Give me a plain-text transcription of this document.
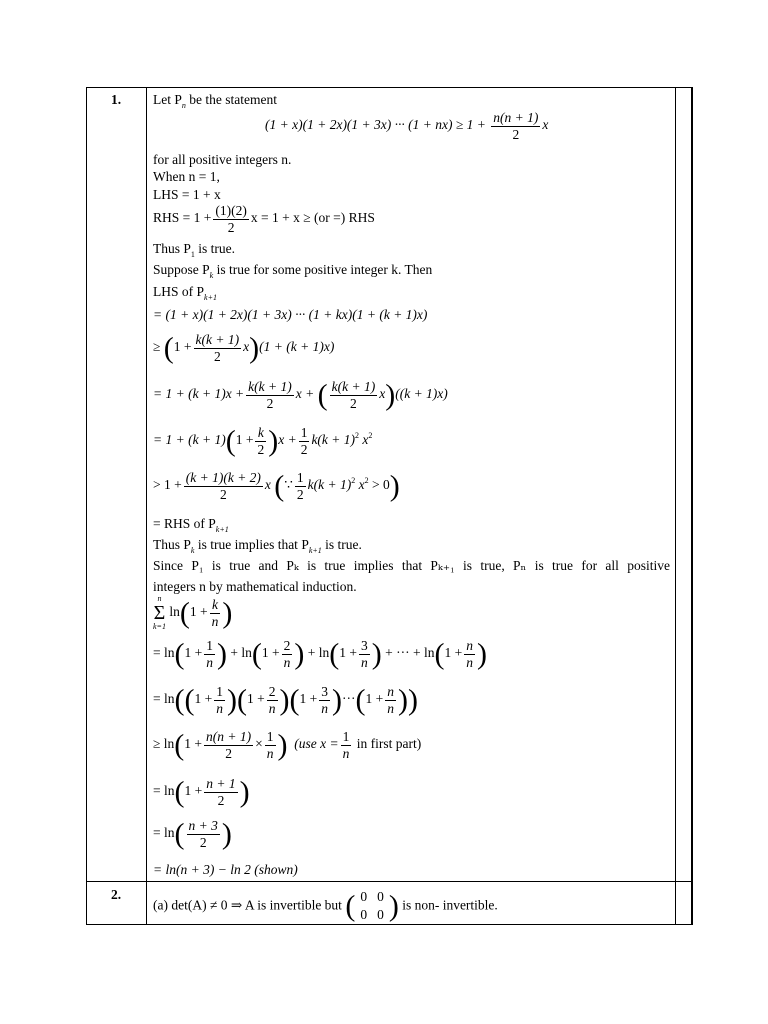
1. Let $P_n$ be the statement
(1 + x)(1 + 2x)(1 + 3x) ··· $(1 + nx) \ge 1 + \frac{n(n + 1)}{2}$ x
for all positive integers n.
When n = 1,
LHS = 1 + x
RHS = $1 + \frac{(1)(2)}{2}$ x = 1 + x ≥ (or =) RHS
Thus $P_1$ is true.
Suppose $P_k$ is true for some positive integer k. Then
LHS of $P_{k+1}$
= (1 + x)(1 + 2x)(1 + 3x) ··· (1 + kx)(1 + (k + 1)x)
≥ $(1 + \frac{k(k + 1)}{2} x)(1 + (k + 1)x)$
= $1 + (k + 1)x + \frac{k(k + 1)}{2}$ x + ( $\frac{k(k + 1)}{2} x)((k + 1)x)$
= $1 + (k + 1)(1 + \frac{k}{2} )x + \frac{1}{2} k(k + 1)^2$ $x^2$
> $1 + \frac{(k + 1)(k + 2)}{2}$ x (∵ $\frac{1}{2} k(k + 1)^2$ $x^2 > 0$)
= RHS of $P_{k+1}$
Thus $P_k$ is true implies that $P_{k+1}$ is true.
Since P₁ is true and Pₖ is true implies that Pₖ₊₁ is true, Pₙ is true for all positive
integers n by mathematical induction.
n
Σ
k=1 $\ln(1 + \frac{k}{n}$ )
= $\ln(1 + \frac{1}{n}$ ) + $\ln(1 + \frac{2}{n}$ ) + $\ln(1 + \frac{3}{n}$ ) + ··· + $\ln(1 + \frac{n}{n}$ )
= $\ln((1 + \frac{1}{n} )(1 + \frac{2}{n} )(1 + \frac{3}{n} )\cdot\cdot\cdot(1 + \frac{n}{n}$ ))
≥ $\ln(1 + \frac{n(n + 1)}{2} \times \frac{1}{n}$ ) (use $x = \frac{1}{n}$ in first part)
= $\ln(1 + \frac{n + 1}{2}$ )
= $\ln( \frac{n + 3}{2}$ )
= ln(n + 3) − ln 2 (shown)
2.
(a) det(A) ≠ 0 ⇒ A is invertible but ( 0	0
0	0 ) is non- invertible.
